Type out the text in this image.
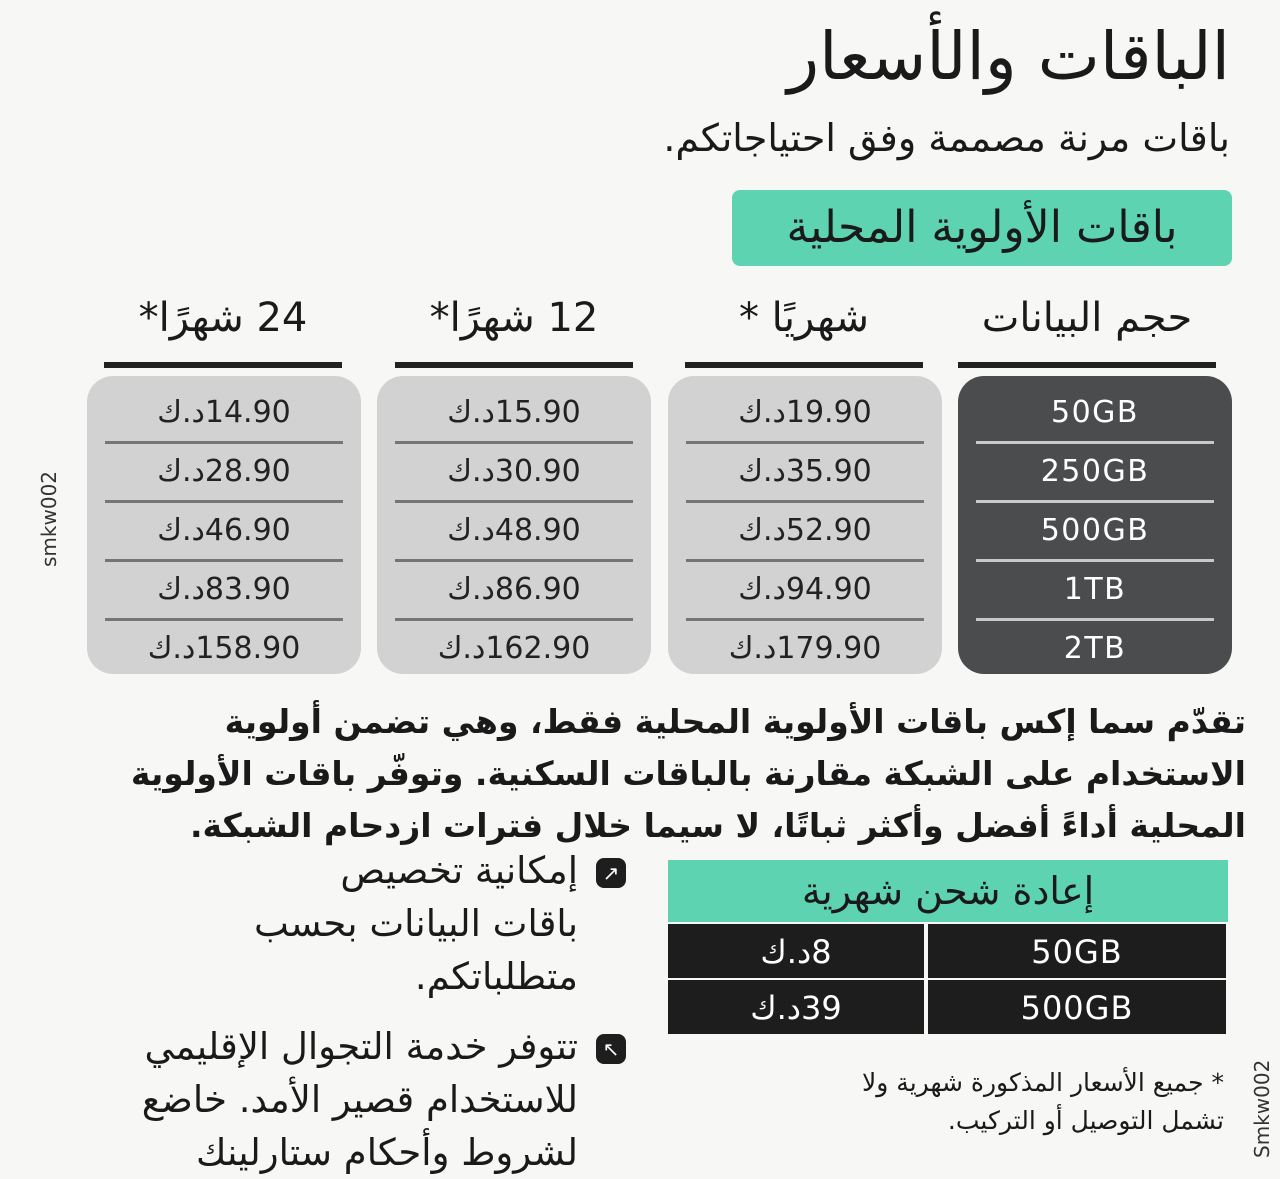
الباقات والأسعار
باقات مرنة مصممة وفق احتياجاتكم.
باقات الأولوية المحلية
حجم البيانات
شهريًا *
12 شهرًا*
24 شهرًا*
50GB
250GB
500GB
1TB
2TB
19.90د.ك
35.90د.ك
52.90د.ك
94.90د.ك
179.90د.ك
15.90د.ك
30.90د.ك
48.90د.ك
86.90د.ك
162.90د.ك
14.90د.ك
28.90د.ك
46.90د.ك
83.90د.ك
158.90د.ك
smkw002
تقدّم سما إكس باقات الأولوية المحلية فقط، وهي تضمن أولوية الاستخدام على الشبكة مقارنة بالباقات السكنية. وتوفّر باقات الأولوية المحلية أداءً أفضل وأكثر ثباتًا، لا سيما خلال فترات ازدحام الشبكة.
↗
إمكانية تخصيص باقات البيانات بحسب متطلباتكم.
↖
تتوفر خدمة التجوال الإقليمي للاستخدام قصير الأمد. خاضع لشروط وأحكام ستارلينك
إعادة شحن شهرية
50GB
8د.ك
500GB
39د.ك
* جميع الأسعار المذكورة شهرية ولا تشمل التوصيل أو التركيب. Smkw002
